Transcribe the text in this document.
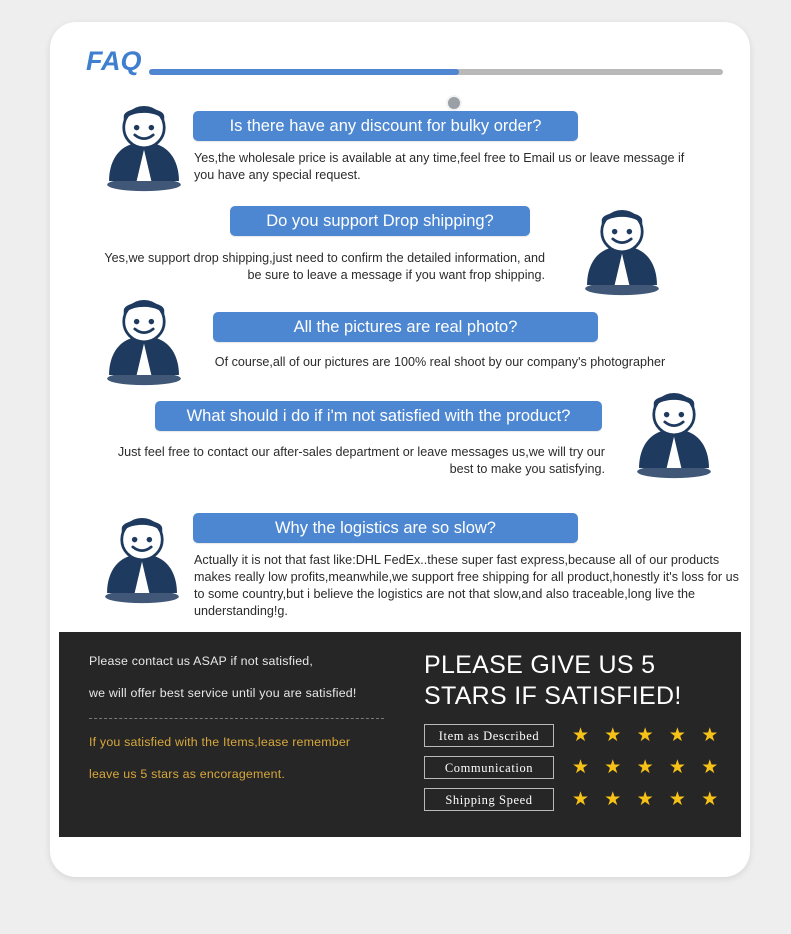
FAQ
Is there have any discount for bulky order?
Yes,the wholesale price is available at any time,feel free to Email us or leave message if you have any special request.
Do you support Drop shipping?
Yes,we support drop shipping,just need to confirm the detailed information, and be sure to leave a message if you want frop shipping.
All the pictures are real photo?
Of course,all of our pictures are 100% real shoot by our company's photographer
What should i do if i'm not satisfied with the product?
Just feel free to contact our after-sales department or leave messages us,we will try our best to make you satisfying.
Why the logistics are so slow?
Actually it is not that fast like:DHL FedEx..these super fast express,because all of our products makes really low profits,meanwhile,we support free shipping for all product,honestly it's loss for us to some country,but i believe the logistics are not that slow,and also traceable,long live the understanding!g.
Please contact us ASAP if not satisfied,
we will offer best service until you are satisfied!
If you satisfied with the Items,lease remember
leave us 5 stars as encoragement.
PLEASE GIVE US 5
STARS IF SATISFIED!
Item as Described	★ ★ ★ ★ ★
Communication	★ ★ ★ ★ ★
Shipping Speed	★ ★ ★ ★ ★
